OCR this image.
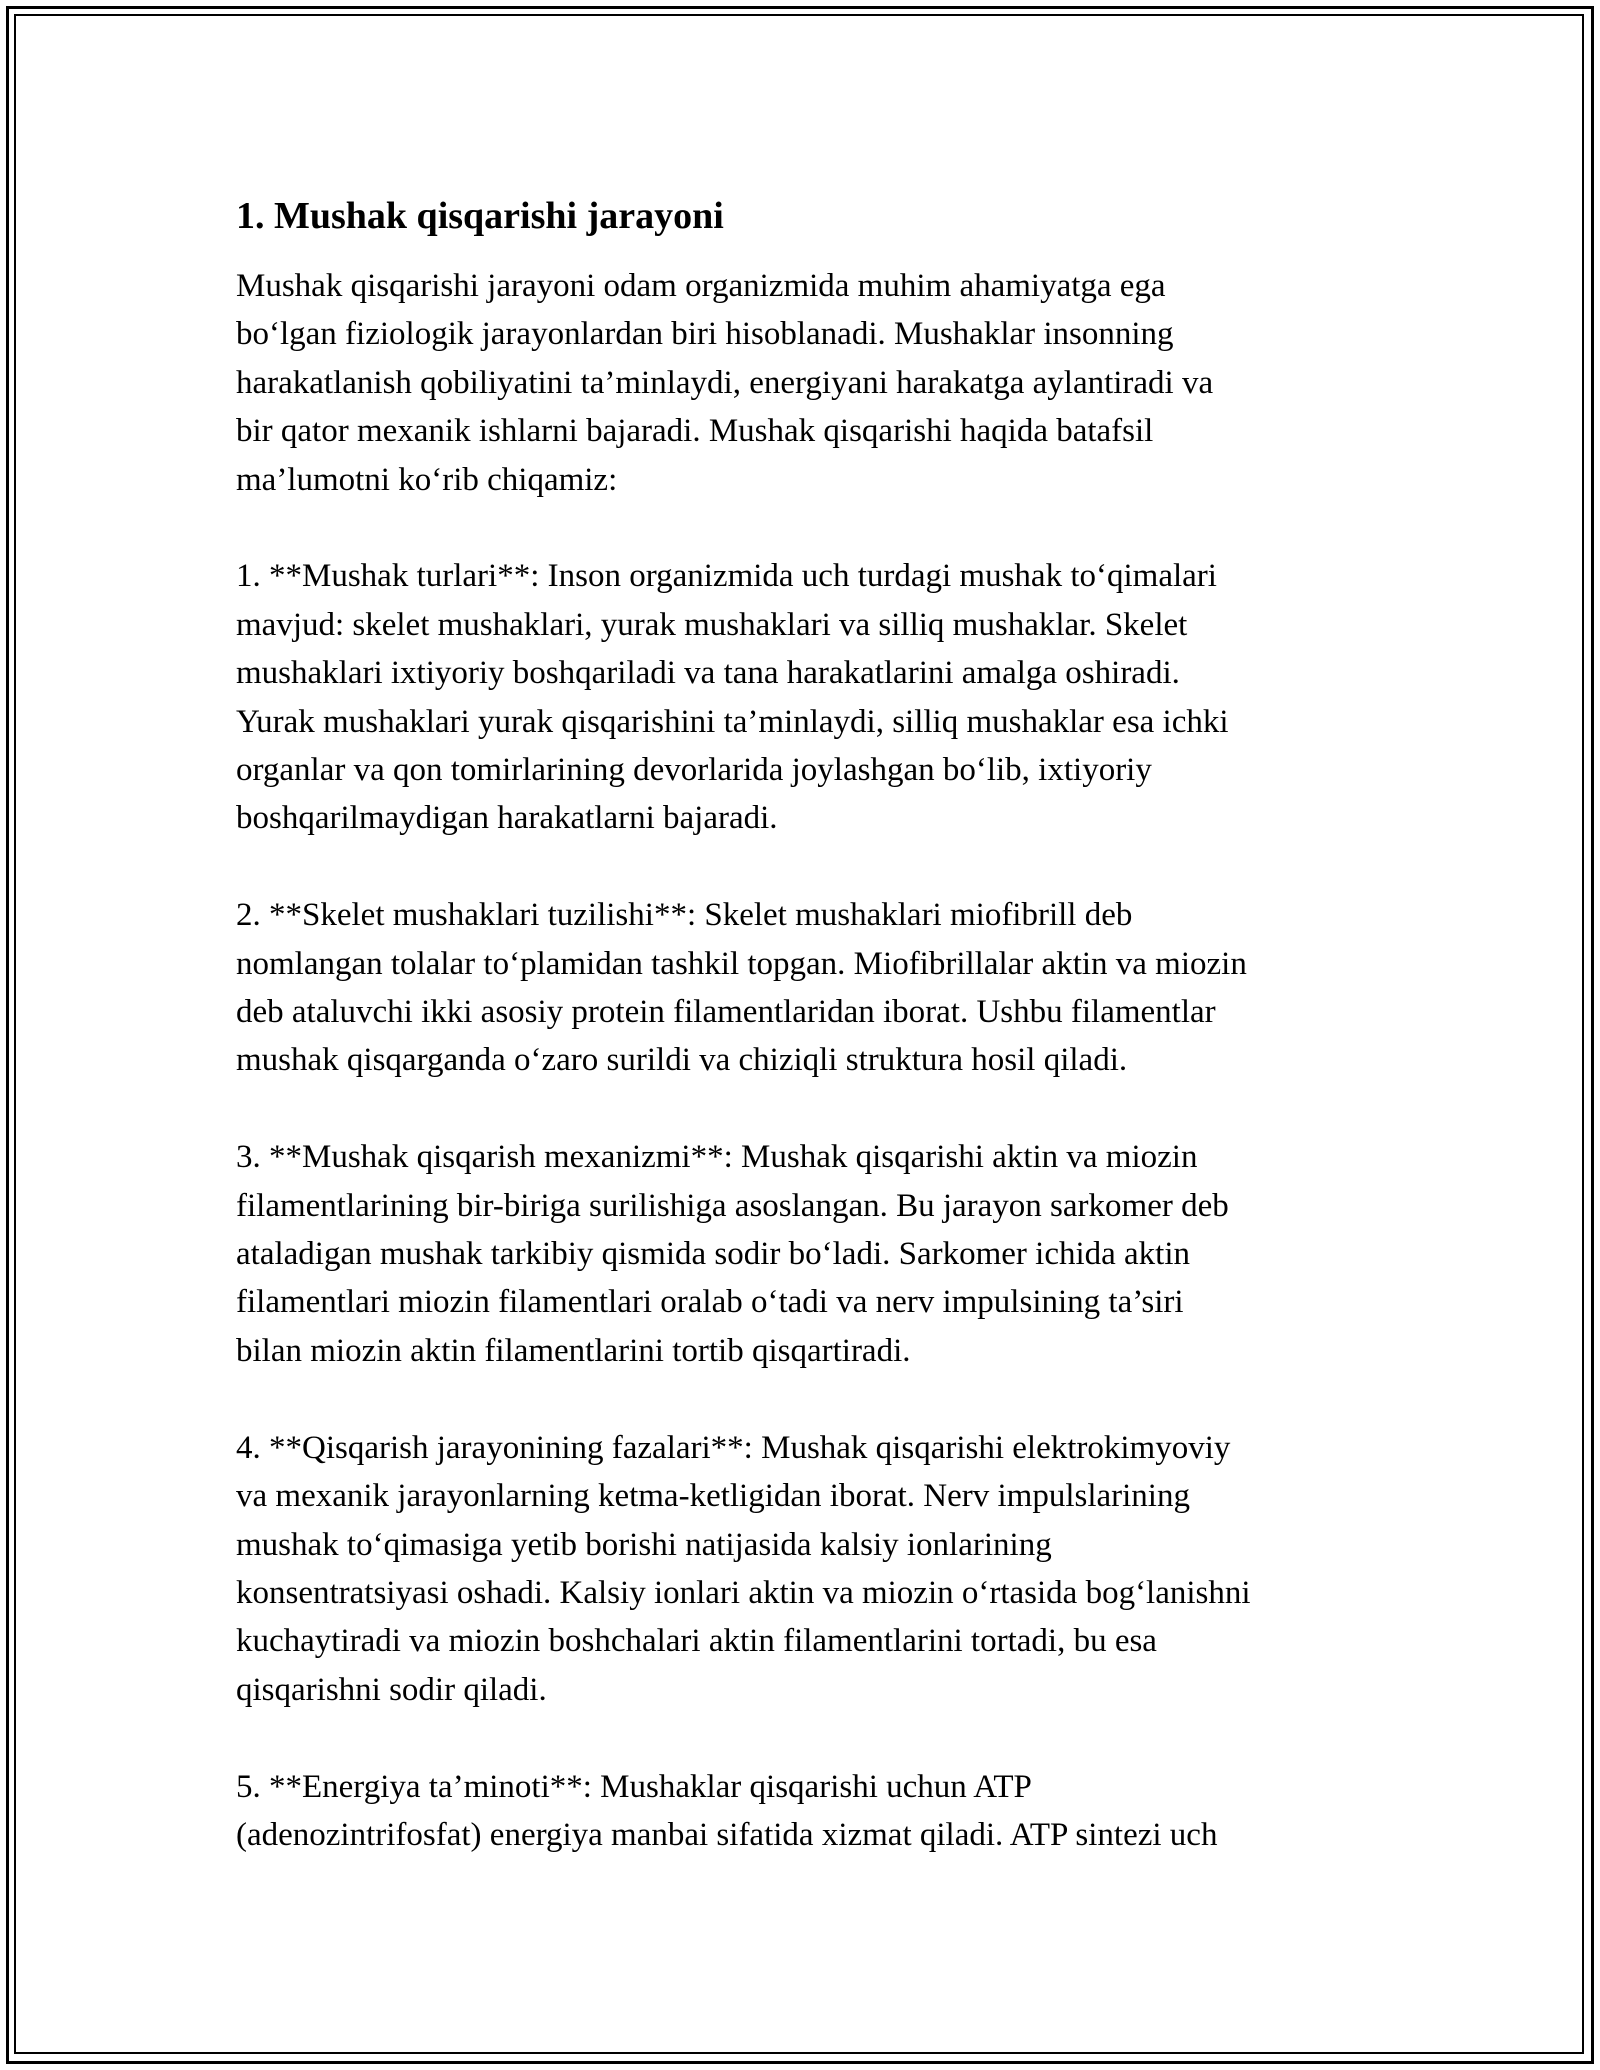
1. Mushak qisqarishi jarayoni

Mushak qisqarishi jarayoni odam organizmida muhim ahamiyatga ega
bo‘lgan fiziologik jarayonlardan biri hisoblanadi. Mushaklar insonning
harakatlanish qobiliyatini ta’minlaydi, energiyani harakatga aylantiradi va
bir qator mexanik ishlarni bajaradi. Mushak qisqarishi haqida batafsil
ma’lumotni ko‘rib chiqamiz:

1. **Mushak turlari**: Inson organizmida uch turdagi mushak to‘qimalari
mavjud: skelet mushaklari, yurak mushaklari va silliq mushaklar. Skelet
mushaklari ixtiyoriy boshqariladi va tana harakatlarini amalga oshiradi.
Yurak mushaklari yurak qisqarishini ta’minlaydi, silliq mushaklar esa ichki
organlar va qon tomirlarining devorlarida joylashgan bo‘lib, ixtiyoriy
boshqarilmaydigan harakatlarni bajaradi.

2. **Skelet mushaklari tuzilishi**: Skelet mushaklari miofibrill deb
nomlangan tolalar to‘plamidan tashkil topgan. Miofibrillalar aktin va miozin
deb ataluvchi ikki asosiy protein filamentlaridan iborat. Ushbu filamentlar
mushak qisqarganda o‘zaro surildi va chiziqli struktura hosil qiladi.

3. **Mushak qisqarish mexanizmi**: Mushak qisqarishi aktin va miozin
filamentlarining bir-biriga surilishiga asoslangan. Bu jarayon sarkomer deb
ataladigan mushak tarkibiy qismida sodir bo‘ladi. Sarkomer ichida aktin
filamentlari miozin filamentlari oralab o‘tadi va nerv impulsining ta’siri
bilan miozin aktin filamentlarini tortib qisqartiradi.

4. **Qisqarish jarayonining fazalari**: Mushak qisqarishi elektrokimyoviy
va mexanik jarayonlarning ketma-ketligidan iborat. Nerv impulslarining
mushak to‘qimasiga yetib borishi natijasida kalsiy ionlarining
konsentratsiyasi oshadi. Kalsiy ionlari aktin va miozin o‘rtasida bog‘lanishni
kuchaytiradi va miozin boshchalari aktin filamentlarini tortadi, bu esa
qisqarishni sodir qiladi.

5. **Energiya ta’minoti**: Mushaklar qisqarishi uchun ATP
(adenozintrifosfat) energiya manbai sifatida xizmat qiladi. ATP sintezi uch
